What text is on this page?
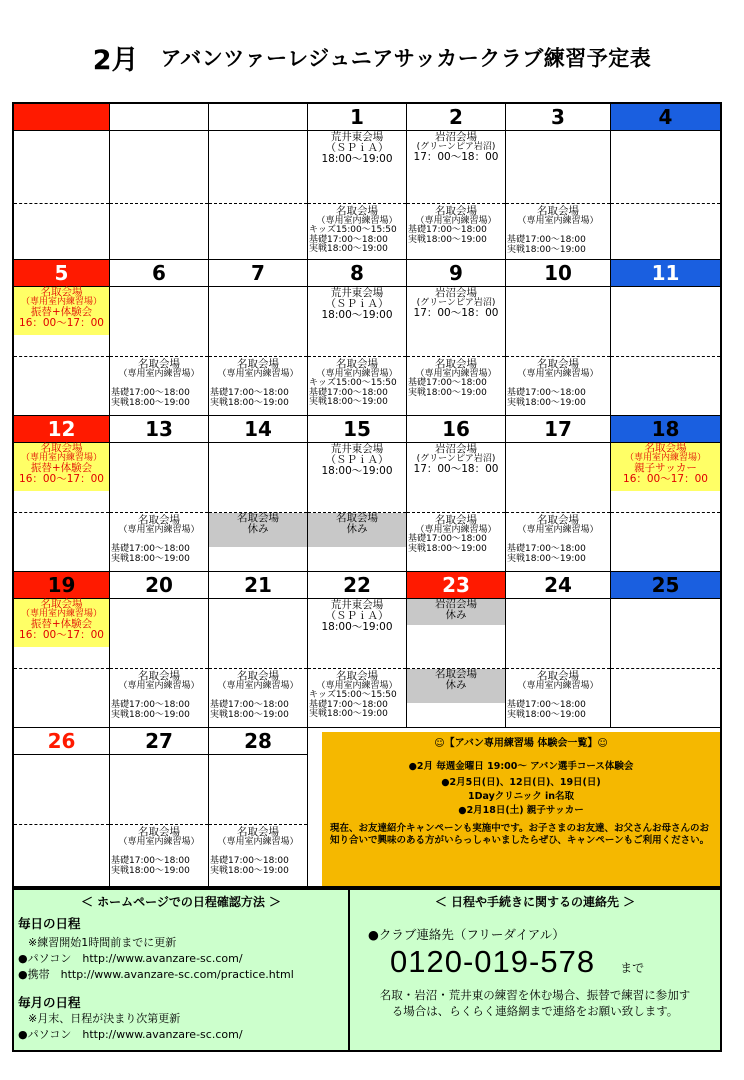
2月 アバンツァーレジュニアサッカークラブ練習予定表
1
荒井東会場
（ＳＰｉＡ）
18:00～19:00
名取会場
（専用室内練習場）
キッズ15:00～15:50
基礎17:00～18:00
実戦18:00～19:00
2
岩沼会場
(グリーンピア岩沼)
17：00～18：00
名取会場
（専用室内練習場）
基礎17:00～18:00
実戦18:00～19:00
3
名取会場
（専用室内練習場）
基礎17:00～18:00
実戦18:00～19:00
4
5
名取会場
（専用室内練習場）
振替+体験会
16：00～17：00
6
名取会場
（専用室内練習場）
基礎17:00～18:00
実戦18:00～19:00
7
名取会場
（専用室内練習場）
基礎17:00～18:00
実戦18:00～19:00
8
荒井東会場
（ＳＰｉＡ）
18:00～19:00
名取会場
（専用室内練習場）
キッズ15:00～15:50
基礎17:00～18:00
実戦18:00～19:00
9
岩沼会場
(グリーンピア岩沼)
17：00～18：00
名取会場
（専用室内練習場）
基礎17:00～18:00
実戦18:00～19:00
10
名取会場
（専用室内練習場）
基礎17:00～18:00
実戦18:00～19:00
11
12
名取会場
（専用室内練習場）
振替+体験会
16：00～17：00
13
名取会場
（専用室内練習場）
基礎17:00～18:00
実戦18:00～19:00
14
名取会場
休み
15
荒井東会場
（ＳＰｉＡ）
18:00～19:00
名取会場
休み
16
岩沼会場
(グリーンピア岩沼)
17：00～18：00
名取会場
（専用室内練習場）
基礎17:00～18:00
実戦18:00～19:00
17
名取会場
（専用室内練習場）
基礎17:00～18:00
実戦18:00～19:00
18
名取会場
（専用室内練習場）
親子サッカー
16：00～17：00
19
名取会場
（専用室内練習場）
振替+体験会
16：00～17：00
20
名取会場
（専用室内練習場）
基礎17:00～18:00
実戦18:00～19:00
21
名取会場
（専用室内練習場）
基礎17:00～18:00
実戦18:00～19:00
22
荒井東会場
（ＳＰｉＡ）
18:00～19:00
名取会場
（専用室内練習場）
キッズ15:00～15:50
基礎17:00～18:00
実戦18:00～19:00
23
岩沼会場
休み
名取会場
休み
24
名取会場
（専用室内練習場）
基礎17:00～18:00
実戦18:00～19:00
25
26	27
名取会場
（専用室内練習場）
基礎17:00～18:00
実戦18:00～19:00
28
名取会場
（専用室内練習場）
基礎17:00～18:00
実戦18:00～19:00
☺【アバン専用練習場 体験会一覧】☺
●2月 毎週金曜日 19:00～ アバン選手コース体験会
●2月5日(日)、12日(日)、19日(日)
1Dayクリニック in名取
●2月18日(土) 親子サッカー
現在、お友達紹介キャンペーンも実施中です。お子さまのお友達、お父さんお母さんのお知り合いで興味のある方がいらっしゃいましたらぜひ、キャンペーンもご利用ください。
＜ ホームページでの日程確認方法 ＞
毎日の日程
※練習開始1時間前までに更新
●パソコン　http://www.avanzare-sc.com/
●携帯　http://www.avanzare-sc.com/practice.html
毎月の日程
※月末、日程が決まり次第更新
●パソコン　http://www.avanzare-sc.com/
＜ 日程や手続きに関するの連絡先 ＞
●クラブ連絡先（フリーダイアル）
0120-019-578 まで
名取・岩沼・荒井東の練習を休む場合、振替で練習に参加する場合は、らくらく連絡網まで連絡をお願い致します。
